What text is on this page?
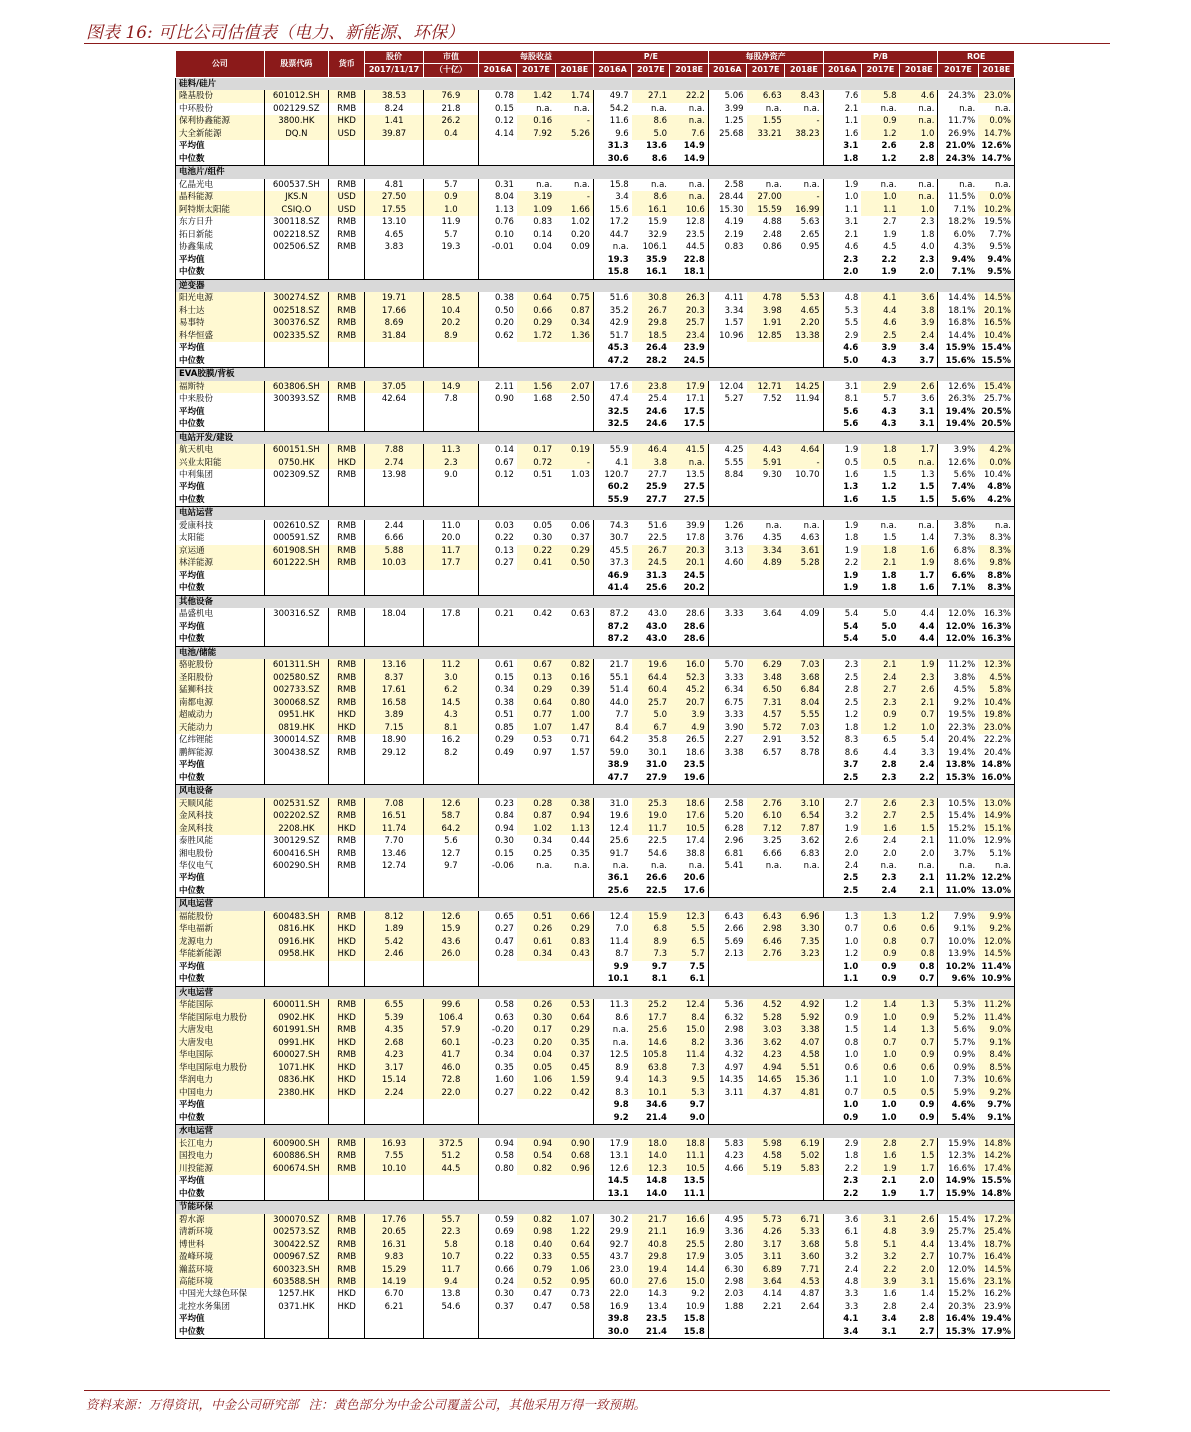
图表 16: 可比公司估值表（电力、新能源、环保）
公司	股票代码	货币	股价	市值	每股收益			P/E			每股净资产			P/B			ROE	
			2017/11/17	（十亿）	2016A	2017E	2018E	2016A	2017E	2018E	2016A	2017E	2018E	2016A	2017E	2018E	2017E	2018E
硅料/硅片																		
隆基股份	601012.SH	RMB	38.53	76.9	0.78	1.42	1.74	49.7	27.1	22.2	5.06	6.63	8.43	7.6	5.8	4.6	24.3%	23.0%
中环股份	002129.SZ	RMB	8.24	21.8	0.15	n.a.	n.a.	54.2	n.a.	n.a.	3.99	n.a.	n.a.	2.1	n.a.	n.a.	n.a.	n.a.
保利协鑫能源	3800.HK	HKD	1.41	26.2	0.12	0.16	-	11.6	8.6	n.a.	1.25	1.55	-	1.1	0.9	n.a.	11.7%	0.0%
大全新能源	DQ.N	USD	39.87	0.4	4.14	7.92	5.26	9.6	5.0	7.6	25.68	33.21	38.23	1.6	1.2	1.0	26.9%	14.7%
平均值								31.3	13.6	14.9				3.1	2.6	2.8	21.0%	12.6%
中位数								30.6	8.6	14.9				1.8	1.2	2.8	24.3%	14.7%
电池片/组件																		
亿晶光电	600537.SH	RMB	4.81	5.7	0.31	n.a.	n.a.	15.8	n.a.	n.a.	2.58	n.a.	n.a.	1.9	n.a.	n.a.	n.a.	n.a.
晶科能源	JKS.N	USD	27.50	0.9	8.04	3.19	-	3.4	8.6	n.a.	28.44	27.00	-	1.0	1.0	n.a.	11.5%	0.0%
阿特斯太阳能	CSIQ.O	USD	17.55	1.0	1.13	1.09	1.66	15.6	16.1	10.6	15.30	15.59	16.99	1.1	1.1	1.0	7.1%	10.2%
东方日升	300118.SZ	RMB	13.10	11.9	0.76	0.83	1.02	17.2	15.9	12.8	4.19	4.88	5.63	3.1	2.7	2.3	18.2%	19.5%
拓日新能	002218.SZ	RMB	4.65	5.7	0.10	0.14	0.20	44.7	32.9	23.5	2.19	2.48	2.65	2.1	1.9	1.8	6.0%	7.7%
协鑫集成	002506.SZ	RMB	3.83	19.3	-0.01	0.04	0.09	n.a.	106.1	44.5	0.83	0.86	0.95	4.6	4.5	4.0	4.3%	9.5%
平均值								19.3	35.9	22.8				2.3	2.2	2.3	9.4%	9.4%
中位数								15.8	16.1	18.1				2.0	1.9	2.0	7.1%	9.5%
逆变器																		
阳光电源	300274.SZ	RMB	19.71	28.5	0.38	0.64	0.75	51.6	30.8	26.3	4.11	4.78	5.53	4.8	4.1	3.6	14.4%	14.5%
科士达	002518.SZ	RMB	17.66	10.4	0.50	0.66	0.87	35.2	26.7	20.3	3.34	3.98	4.65	5.3	4.4	3.8	18.1%	20.1%
易事特	300376.SZ	RMB	8.69	20.2	0.20	0.29	0.34	42.9	29.8	25.7	1.57	1.91	2.20	5.5	4.6	3.9	16.8%	16.5%
科华恒盛	002335.SZ	RMB	31.84	8.9	0.62	1.72	1.36	51.7	18.5	23.4	10.96	12.85	13.38	2.9	2.5	2.4	14.4%	10.4%
平均值								45.3	26.4	23.9				4.6	3.9	3.4	15.9%	15.4%
中位数								47.2	28.2	24.5				5.0	4.3	3.7	15.6%	15.5%
EVA胶膜/背板																		
福斯特	603806.SH	RMB	37.05	14.9	2.11	1.56	2.07	17.6	23.8	17.9	12.04	12.71	14.25	3.1	2.9	2.6	12.6%	15.4%
中来股份	300393.SZ	RMB	42.64	7.8	0.90	1.68	2.50	47.4	25.4	17.1	5.27	7.52	11.94	8.1	5.7	3.6	26.3%	25.7%
平均值								32.5	24.6	17.5				5.6	4.3	3.1	19.4%	20.5%
中位数								32.5	24.6	17.5				5.6	4.3	3.1	19.4%	20.5%
电站开发/建设																		
航天机电	600151.SH	RMB	7.88	11.3	0.14	0.17	0.19	55.9	46.4	41.5	4.25	4.43	4.64	1.9	1.8	1.7	3.9%	4.2%
兴业太阳能	0750.HK	HKD	2.74	2.3	0.67	0.72	-	4.1	3.8	n.a.	5.55	5.91	-	0.5	0.5	n.a.	12.6%	0.0%
中利集团	002309.SZ	RMB	13.98	9.0	0.12	0.51	1.03	120.7	27.7	13.5	8.84	9.30	10.70	1.6	1.5	1.3	5.6%	10.4%
平均值								60.2	25.9	27.5				1.3	1.2	1.5	7.4%	4.8%
中位数								55.9	27.7	27.5				1.6	1.5	1.5	5.6%	4.2%
电站运营																		
爱康科技	002610.SZ	RMB	2.44	11.0	0.03	0.05	0.06	74.3	51.6	39.9	1.26	n.a.	n.a.	1.9	n.a.	n.a.	3.8%	n.a.
太阳能	000591.SZ	RMB	6.66	20.0	0.22	0.30	0.37	30.7	22.5	17.8	3.76	4.35	4.63	1.8	1.5	1.4	7.3%	8.3%
京运通	601908.SH	RMB	5.88	11.7	0.13	0.22	0.29	45.5	26.7	20.3	3.13	3.34	3.61	1.9	1.8	1.6	6.8%	8.3%
林洋能源	601222.SH	RMB	10.03	17.7	0.27	0.41	0.50	37.3	24.5	20.1	4.60	4.89	5.28	2.2	2.1	1.9	8.6%	9.8%
平均值								46.9	31.3	24.5				1.9	1.8	1.7	6.6%	8.8%
中位数								41.4	25.6	20.2				1.9	1.8	1.6	7.1%	8.3%
其他设备																		
晶盛机电	300316.SZ	RMB	18.04	17.8	0.21	0.42	0.63	87.2	43.0	28.6	3.33	3.64	4.09	5.4	5.0	4.4	12.0%	16.3%
平均值								87.2	43.0	28.6				5.4	5.0	4.4	12.0%	16.3%
中位数								87.2	43.0	28.6				5.4	5.0	4.4	12.0%	16.3%
电池/储能																		
骆驼股份	601311.SH	RMB	13.16	11.2	0.61	0.67	0.82	21.7	19.6	16.0	5.70	6.29	7.03	2.3	2.1	1.9	11.2%	12.3%
圣阳股份	002580.SZ	RMB	8.37	3.0	0.15	0.13	0.16	55.1	64.4	52.3	3.33	3.48	3.68	2.5	2.4	2.3	3.8%	4.5%
猛狮科技	002733.SZ	RMB	17.61	6.2	0.34	0.29	0.39	51.4	60.4	45.2	6.34	6.50	6.84	2.8	2.7	2.6	4.5%	5.8%
南都电源	300068.SZ	RMB	16.58	14.5	0.38	0.64	0.80	44.0	25.7	20.7	6.75	7.31	8.04	2.5	2.3	2.1	9.2%	10.4%
超威动力	0951.HK	HKD	3.89	4.3	0.51	0.77	1.00	7.7	5.0	3.9	3.33	4.57	5.55	1.2	0.9	0.7	19.5%	19.8%
天能动力	0819.HK	HKD	7.15	8.1	0.85	1.07	1.47	8.4	6.7	4.9	3.90	5.72	7.03	1.8	1.2	1.0	22.3%	23.0%
亿纬锂能	300014.SZ	RMB	18.90	16.2	0.29	0.53	0.71	64.2	35.8	26.5	2.27	2.91	3.52	8.3	6.5	5.4	20.4%	22.2%
鹏辉能源	300438.SZ	RMB	29.12	8.2	0.49	0.97	1.57	59.0	30.1	18.6	3.38	6.57	8.78	8.6	4.4	3.3	19.4%	20.4%
平均值								38.9	31.0	23.5				3.7	2.8	2.4	13.8%	14.8%
中位数								47.7	27.9	19.6				2.5	2.3	2.2	15.3%	16.0%
风电设备																		
天顺风能	002531.SZ	RMB	7.08	12.6	0.23	0.28	0.38	31.0	25.3	18.6	2.58	2.76	3.10	2.7	2.6	2.3	10.5%	13.0%
金风科技	002202.SZ	RMB	16.51	58.7	0.84	0.87	0.94	19.6	19.0	17.6	5.20	6.10	6.54	3.2	2.7	2.5	15.4%	14.9%
金风科技	2208.HK	HKD	11.74	64.2	0.94	1.02	1.13	12.4	11.7	10.5	6.28	7.12	7.87	1.9	1.6	1.5	15.2%	15.1%
泰胜风能	300129.SZ	RMB	7.70	5.6	0.30	0.34	0.44	25.6	22.5	17.4	2.96	3.25	3.62	2.6	2.4	2.1	11.0%	12.9%
湘电股份	600416.SH	RMB	13.46	12.7	0.15	0.25	0.35	91.7	54.6	38.8	6.81	6.66	6.83	2.0	2.0	2.0	3.7%	5.1%
华仪电气	600290.SH	RMB	12.74	9.7	-0.06	n.a.	n.a.	n.a.	n.a.	n.a.	5.41	n.a.	n.a.	2.4	n.a.	n.a.	n.a.	n.a.
平均值								36.1	26.6	20.6				2.5	2.3	2.1	11.2%	12.2%
中位数								25.6	22.5	17.6				2.5	2.4	2.1	11.0%	13.0%
风电运营																		
福能股份	600483.SH	RMB	8.12	12.6	0.65	0.51	0.66	12.4	15.9	12.3	6.43	6.43	6.96	1.3	1.3	1.2	7.9%	9.9%
华电福新	0816.HK	HKD	1.89	15.9	0.27	0.26	0.29	7.0	6.8	5.5	2.66	2.98	3.30	0.7	0.6	0.6	9.1%	9.2%
龙源电力	0916.HK	HKD	5.42	43.6	0.47	0.61	0.83	11.4	8.9	6.5	5.69	6.46	7.35	1.0	0.8	0.7	10.0%	12.0%
华能新能源	0958.HK	HKD	2.46	26.0	0.28	0.34	0.43	8.7	7.3	5.7	2.13	2.76	3.23	1.2	0.9	0.8	13.9%	14.5%
平均值								9.9	9.7	7.5				1.0	0.9	0.8	10.2%	11.4%
中位数								10.1	8.1	6.1				1.1	0.9	0.7	9.6%	10.9%
火电运营																		
华能国际	600011.SH	RMB	6.55	99.6	0.58	0.26	0.53	11.3	25.2	12.4	5.36	4.52	4.92	1.2	1.4	1.3	5.3%	11.2%
华能国际电力股份	0902.HK	HKD	5.39	106.4	0.63	0.30	0.64	8.6	17.7	8.4	6.32	5.28	5.92	0.9	1.0	0.9	5.2%	11.4%
大唐发电	601991.SH	RMB	4.35	57.9	-0.20	0.17	0.29	n.a.	25.6	15.0	2.98	3.03	3.38	1.5	1.4	1.3	5.6%	9.0%
大唐发电	0991.HK	HKD	2.68	60.1	-0.23	0.20	0.35	n.a.	14.6	8.2	3.36	3.62	4.07	0.8	0.7	0.7	5.7%	9.1%
华电国际	600027.SH	RMB	4.23	41.7	0.34	0.04	0.37	12.5	105.8	11.4	4.32	4.23	4.58	1.0	1.0	0.9	0.9%	8.4%
华电国际电力股份	1071.HK	HKD	3.17	46.0	0.35	0.05	0.45	8.9	63.8	7.3	4.97	4.94	5.51	0.6	0.6	0.6	0.9%	8.5%
华润电力	0836.HK	HKD	15.14	72.8	1.60	1.06	1.59	9.4	14.3	9.5	14.35	14.65	15.36	1.1	1.0	1.0	7.3%	10.6%
中国电力	2380.HK	HKD	2.24	22.0	0.27	0.22	0.42	8.3	10.1	5.3	3.11	4.37	4.81	0.7	0.5	0.5	5.9%	9.2%
平均值								9.8	34.6	9.7				1.0	1.0	0.9	4.6%	9.7%
中位数								9.2	21.4	9.0				0.9	1.0	0.9	5.4%	9.1%
水电运营																		
长江电力	600900.SH	RMB	16.93	372.5	0.94	0.94	0.90	17.9	18.0	18.8	5.83	5.98	6.19	2.9	2.8	2.7	15.9%	14.8%
国投电力	600886.SH	RMB	7.55	51.2	0.58	0.54	0.68	13.1	14.0	11.1	4.23	4.58	5.02	1.8	1.6	1.5	12.3%	14.2%
川投能源	600674.SH	RMB	10.10	44.5	0.80	0.82	0.96	12.6	12.3	10.5	4.66	5.19	5.83	2.2	1.9	1.7	16.6%	17.4%
平均值								14.5	14.8	13.5				2.3	2.1	2.0	14.9%	15.5%
中位数								13.1	14.0	11.1				2.2	1.9	1.7	15.9%	14.8%
节能环保																		
碧水源	300070.SZ	RMB	17.76	55.7	0.59	0.82	1.07	30.2	21.7	16.6	4.95	5.73	6.71	3.6	3.1	2.6	15.4%	17.2%
清新环境	002573.SZ	RMB	20.65	22.3	0.69	0.98	1.22	29.9	21.1	16.9	3.36	4.26	5.33	6.1	4.8	3.9	25.7%	25.4%
博世科	300422.SZ	RMB	16.31	5.8	0.18	0.40	0.64	92.7	40.8	25.5	2.80	3.17	3.68	5.8	5.1	4.4	13.4%	18.7%
盈峰环境	000967.SZ	RMB	9.83	10.7	0.22	0.33	0.55	43.7	29.8	17.9	3.05	3.11	3.60	3.2	3.2	2.7	10.7%	16.4%
瀚蓝环境	600323.SH	RMB	15.29	11.7	0.66	0.79	1.06	23.0	19.4	14.4	6.30	6.89	7.71	2.4	2.2	2.0	12.0%	14.5%
高能环境	603588.SH	RMB	14.19	9.4	0.24	0.52	0.95	60.0	27.6	15.0	2.98	3.64	4.53	4.8	3.9	3.1	15.6%	23.1%
中国光大绿色环保	1257.HK	HKD	6.70	13.8	0.30	0.47	0.73	22.0	14.3	9.2	2.03	4.14	4.87	3.3	1.6	1.4	15.2%	16.2%
北控水务集团	0371.HK	HKD	6.21	54.6	0.37	0.47	0.58	16.9	13.4	10.9	1.88	2.21	2.64	3.3	2.8	2.4	20.3%	23.9%
平均值								39.8	23.5	15.8				4.1	3.4	2.8	16.4%	19.4%
中位数								30.0	21.4	15.8				3.4	3.1	2.7	15.3%	17.9%
资料来源：万得资讯，中金公司研究部 注：黄色部分为中金公司覆盖公司，其他采用万得一致预期。
